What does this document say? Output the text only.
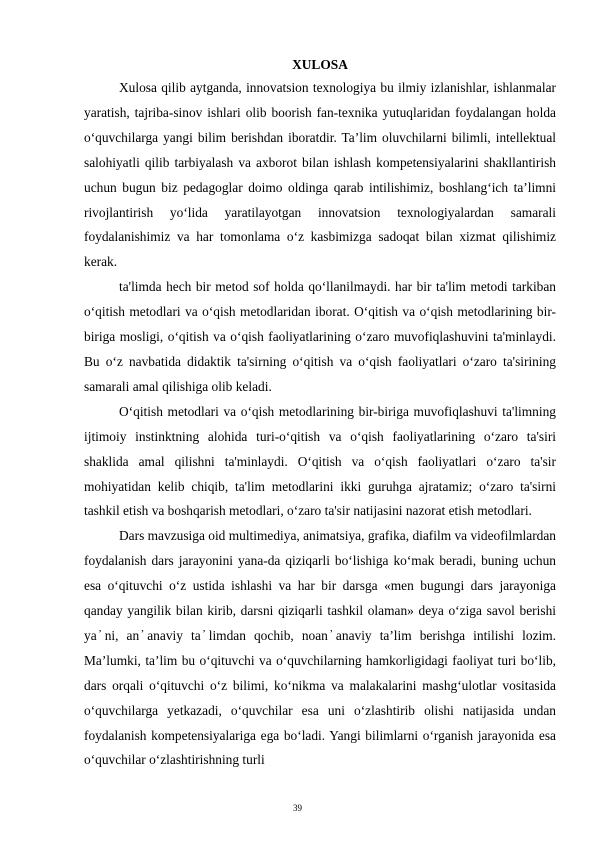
XULOSA

Xulosa qilib aytganda, innovatsion texnologiya bu ilmiy izlanishlar, ishlanmalar yaratish, tajriba-sinov ishlari olib boorish fan-texnika yutuqlaridan foydalangan holda o‘quvchilarga yangi bilim berishdan iboratdir. Ta’lim oluvchilarni bilimli, intellektual salohiyatli qilib tarbiyalash va axborot bilan ishlash kompetensiyalarini shakllantirish uchun bugun biz pedagoglar doimo oldinga qarab intilishimiz, boshlang‘ich ta’limni rivojlantirish yo‘lida yaratilayotgan innovatsion texnologiyalardan samarali foydalanishimiz va har tomonlama o‘z kasbimizga sadoqat bilan xizmat qilishimiz kerak.

ta'limda hech bir metod sof holda qo‘llanilmaydi. har bir ta'lim metodi tarkiban o‘qitish metodlari va o‘qish metodlaridan iborat. O‘qitish va o‘qish metodlarining bir-biriga mosligi, o‘qitish va o‘qish faoliyatlarining o‘zaro muvofiqlashuvini ta'minlaydi. Bu o‘z navbatida didaktik ta'sirning o‘qitish va o‘qish faoliyatlari o‘zaro ta'sirining samarali amal qilishiga olib keladi.

O‘qitish metodlari va o‘qish metodlarining bir-biriga muvofiqlashuvi ta'limning ijtimoiy instinktning alohida turi-o‘qitish va o‘qish faoliyatlarining o‘zaro ta'siri shaklida amal qilishni ta'minlaydi. O‘qitish va o‘qish faoliyatlari o‘zaro ta'sir mohiyatidan kelib chiqib, ta'lim metodlarini ikki guruhga ajratamiz; o‘zaro ta'sirni tashkil etish va boshqarish metodlari, o‘zaro ta'sir natijasini nazorat etish metodlari.

Dars mavzusiga oid multimediya, animatsiya, grafika, diafilm va videofilmlardan foydalanish dars jarayonini yana-da qiziqarli bo‘lishiga ko‘mak beradi, buning uchun esa o‘qituvchi o‘z ustida ishlashi va har bir darsga «men bugungi dars jarayoniga qanday yangilik bilan kirib, darsni qiziqarli tashkil olaman» deya o‘ziga savol berishi ya ̓ni, an ̓anaviy ta ̓limdan qochib, noan ̓anaviy ta’lim berishga intilishi lozim. Ma’lumki, ta’lim bu o‘qituvchi va o‘quvchilarning hamkorligidagi faoliyat turi bo‘lib, dars orqali o‘qituvchi o‘z bilimi, ko‘nikma va malakalarini mashg‘ulotlar vositasida o‘quvchilarga yetkazadi, o‘quvchilar esa uni o‘zlashtirib olishi natijasida undan foydalanish kompetensiyalariga ega bo‘ladi. Yangi bilimlarni o‘rganish jarayonida esa o‘quvchilar o‘zlashtirishning turli

39
